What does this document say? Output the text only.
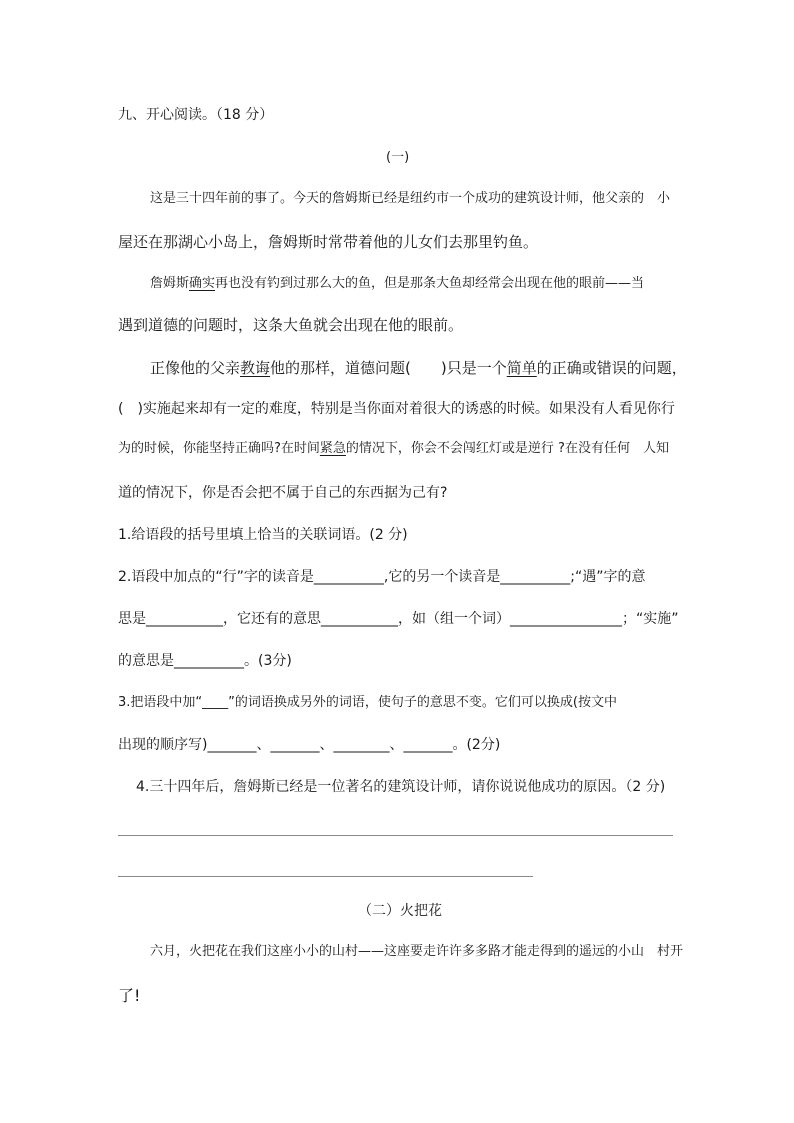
九、开心阅读。（18 分）
(一)
这是三十四年前的事了。今天的詹姆斯已经是纽约市一个成功的建筑设计师，他父亲的　小
屋还在那湖心小岛上，詹姆斯时常带着他的儿女们去那里钓鱼。
詹姆斯确实再也没有钓到过那么大的鱼，但是那条大鱼却经常会出现在他的眼前——当
遇到道德的问题时，这条大鱼就会出现在他的眼前。
正像他的父亲教诲他的那样，道德问题(　　)只是一个简单的正确或错误的问题，
(　)实施起来却有一定的难度，特别是当你面对着很大的诱惑的时候。如果没有人看见你行
为的时候，你能坚持正确吗?在时间紧急的情况下，你会不会闯红灯或是逆行 ?在没有任何　人知
道的情况下，你是否会把不属于自己的东西据为己有?
1.给语段的括号里填上恰当的关联词语。(2 分)
2.语段中加点的“行”字的读音是__________,它的另一个读音是__________;“遇”字的意
思是___________，它还有的意思___________，如（组一个词）________________；“实施”
的意思是__________。(3分)
3.把语段中加“____”的词语换成另外的词语，使句子的意思不变。它们可以换成(按文中
出现的顺序写)_______、_______、________、_______。(2分)
4.三十四年后，詹姆斯已经是一位著名的建筑设计师，请你说说他成功的原因。（2 分)
（二）火把花
六月，火把花在我们这座小小的山村——这座要走许许多多路才能走得到的遥远的小山　村开
了!
